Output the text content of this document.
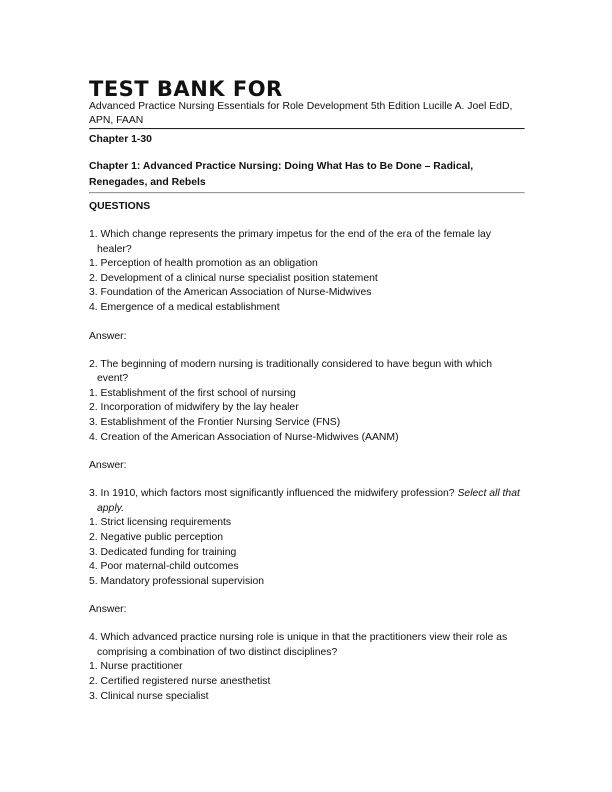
TEST BANK FOR

Advanced Practice Nursing Essentials for Role Development 5th Edition Lucille A. Joel EdD, APN, FAAN

Chapter 1-30
Chapter 1: Advanced Practice Nursing: Doing What Has to Be Done – Radical, Renegades, and Rebels
QUESTIONS

1. Which change represents the primary impetus for the end of the era of the female lay healer?

1. Perception of health promotion as an obligation

2. Development of a clinical nurse specialist position statement

3. Foundation of the American Association of Nurse-Midwives

4. Emergence of a medical establishment

Answer:

2. The beginning of modern nursing is traditionally considered to have begun with which event?

1. Establishment of the first school of nursing

2. Incorporation of midwifery by the lay healer

3. Establishment of the Frontier Nursing Service (FNS)

4. Creation of the American Association of Nurse-Midwives (AANM)

Answer:

3. In 1910, which factors most significantly influenced the midwifery profession? Select all that apply.

1. Strict licensing requirements

2. Negative public perception

3. Dedicated funding for training

4. Poor maternal-child outcomes

5. Mandatory professional supervision

Answer:

4. Which advanced practice nursing role is unique in that the practitioners view their role as comprising a combination of two distinct disciplines?

1. Nurse practitioner

2. Certified registered nurse anesthetist

3. Clinical nurse specialist
